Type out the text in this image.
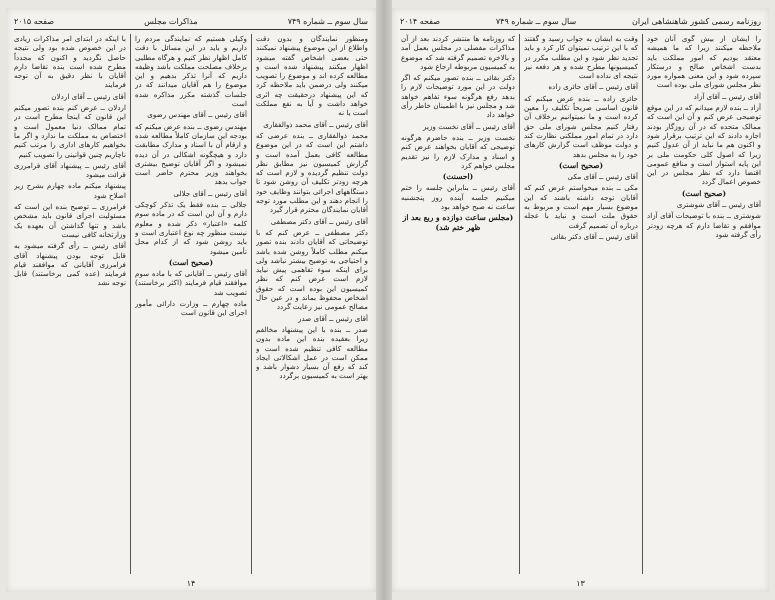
سال سوم ــ شماره ۷۴۹
مذاکرات مجلس
صفحه ۲۰۱۵

ومنظور نمایندگان و بدون دقت واطلاع از این موضوع پیشنهاد نمیکنند حتی بعضی اشخاص گفته میشود اظهار میکنند پیشنهاد شده است و مطالعه کرده اند و موضوع را تصویب میکنند ولی درضمن باید ملاحظه کرد که این پیشنهاد درحقیقت چه اثری خواهد داشت و آیا به نفع مملکت است یا نه

آقای رئیس ــ آقای محمد ذوالفقاری

محمد ذوالفقاری ــ بنده عرضی که داشتم این است که در این موضوع مطالعه کافی بعمل آمده است و گزارش کمیسیون نیز مطابق نظر دولت تنظیم گردیده و لازم است که هرچه زودتر تکلیف آن روشن شود تا دستگاههای اجرائی بتوانند وظایف خود را انجام دهند و این مطلب مورد توجه آقایان نمایندگان محترم قرار گیرد

آقای رئیس ــ آقای دکتر مصطفی

دکتر مصطفی ــ عرض کنم که با توضیحاتی که آقایان دادند بنده تصور میکنم مطلب کاملاً روشن شده باشد و احتیاجی به توضیح بیشتر نباشد ولی برای اینکه سوء تفاهمی پیش نیاید لازم است عرض کنم که نظر کمیسیون این بوده است که حقوق اشخاص محفوظ بماند و در عین حال مصالح عمومی نیز رعایت گردد

آقای رئیس ــ آقای صدر

صدر ــ بنده با این پیشنهاد مخالفم زیرا بعقیده بنده این ماده بدون مطالعه کافی تنظیم شده است و ممکن است در عمل اشکالاتی ایجاد کند که رفع آن بسیار دشوار باشد و بهتر است به کمیسیون برگردد

وکیلی هستیم که نمایندگی مردم را داریم و باید در این مسائل با دقت کامل اظهار نظر کنیم و هرگاه مطلبی برخلاف مصلحت مملکت باشد وظیفه داریم که آنرا تذکر بدهیم و این موضوع را هم آقایان میدانند که در جلسات گذشته مکرر مذاکره شده است

آقای رئیس ــ آقای مهندس رضوی

مهندس رضوی ــ بنده عرض میکنم که بودجه این سازمان کاملاً مطالعه شده و ارقام آن با اسناد و مدارک مطابقت دارد و هیچگونه اشکالی در آن دیده نمیشود و اگر آقایان توضیح بیشتری بخواهند وزیر محترم حاضر است جواب بدهد

آقای رئیس ــ آقای جلالی

جلالی ــ بنده فقط یک تذکر کوچکی دارم و آن این است که در ماده سوم کلمه «اعتبار» ذکر شده و معلوم نیست منظور چه نوع اعتباری است و باید روشن شود که از کدام محل تأمین میشود

(صحیح است)

آقای رئیس ــ آقایانی که با ماده سوم موافقند قیام فرمایند (اکثر برخاستند) تصویب شد

ماده چهارم ــ وزارت دارائی مأمور اجرای این قانون است

با اینکه در ابتدای امر مذاکرات زیادی در این خصوص شده بود ولی نتیجه حاصل نگردید و اکنون که مجدداً مطرح شده است بنده تقاضا دارم آقایان با نظر دقیق به آن توجه فرمایند

آقای رئیس ــ آقای اردلان

اردلان ــ عرض کنم بنده تصور میکنم این قانون که اینجا مطرح است در تمام ممالک دنیا معمول است و اختصاص به مملکت ما ندارد و اگر ما بخواهیم کارهای اداری را مرتب کنیم ناچاریم چنین قوانینی را تصویب کنیم

آقای رئیس ــ پیشنهاد آقای فرامرزی قرائت میشود

پیشنهاد میکنم ماده چهارم بشرح زیر اصلاح شود

فرامرزی ــ توضیح بنده این است که مسئولیت اجرای قانون باید مشخص باشد و تنها گذاشتن آن بعهده یک وزارتخانه کافی نیست

آقای رئیس ــ رأی گرفته میشود به قابل توجه بودن پیشنهاد آقای فرامرزی آقایانی که موافقند قیام فرمایند (عده کمی برخاستند) قابل توجه نشد

۱۴
روزنامه رسمی کشور شاهنشاهی ایران
سال سوم ــ شماره ۷۴۹
صفحه ۲۰۱۴

را ایشان از بیش گوی آنان خود ملاحظه میکنند زیرا که ما همیشه معتقد بودیم که امور مملکت باید بدست اشخاص صالح و درستکار سپرده شود و این معنی همواره مورد نظر مجلس شورای ملی بوده است

آقای رئیس ــ آقای آزاد

آزاد ــ بنده لازم میدانم که در این موقع توضیحی عرض کنم و آن این است که ممالک متحده که در آن روزگار بودند اجازه دادند که این ترتیب برقرار شود و اکنون هم ما نباید از آن عدول کنیم زیرا که اصول کلی حکومت ملی بر این پایه استوار است و منافع عمومی اقتضا دارد که نظر مجلس در این خصوص اعمال گردد

(صحیح است)

آقای رئیس ــ آقای شوشتری

شوشتری ــ بنده با توضیحات آقای آزاد موافقم و تقاضا دارم که هرچه زودتر رأی گرفته شود

وقت به ایشان به جواب رسید و گفتند که با این ترتیب نمیتوان کار کرد و باید تجدید نظر شود و این مطلب مکرر در کمیسیونها مطرح شده و هر دفعه نیز نتیجه ای نداده است

آقای رئیس ــ آقای حائری زاده

حائری زاده ــ بنده عرض میکنم که قانون اساسی صریحاً تکلیف را معین کرده است و ما نمیتوانیم برخلاف آن رفتار کنیم مجلس شورای ملی حق دارد در تمام امور مملکتی نظارت کند و دولت موظف است گزارش کارهای خود را به مجلس بدهد

(صحیح است)

آقای رئیس ــ آقای مکی

مکی ــ بنده میخواستم عرض کنم که آقایان توجه داشته باشند که این موضوع بسیار مهم است و مربوط به حقوق ملت است و نباید با عجله درباره آن تصمیم گرفت

آقای رئیس ــ آقای دکتر بقائی

که روزنامه ها منتشر کردند بعد از آن مذاکرات مفصلی در مجلس بعمل آمد و بالاخره تصمیم گرفته شد که موضوع به کمیسیون مربوطه ارجاع شود

دکتر بقائی ــ بنده تصور میکنم که اگر دولت در این مورد توضیحات لازم را بدهد رفع هرگونه سوء تفاهم خواهد شد و مجلس نیز با اطمینان خاطر رأی خواهد داد

آقای رئیس ــ آقای نخست وزیر

نخست وزیر ــ بنده حاضرم هرگونه توضیحی که آقایان بخواهند عرض کنم و اسناد و مدارک لازم را نیز تقدیم مجلس خواهم کرد

(احسنت)

آقای رئیس ــ بنابراین جلسه را ختم میکنیم جلسه آینده روز پنجشنبه ساعت نه صبح خواهد بود

(مجلس ساعت دوازده و ربع بعد از ظهر ختم شد)

۱۳
